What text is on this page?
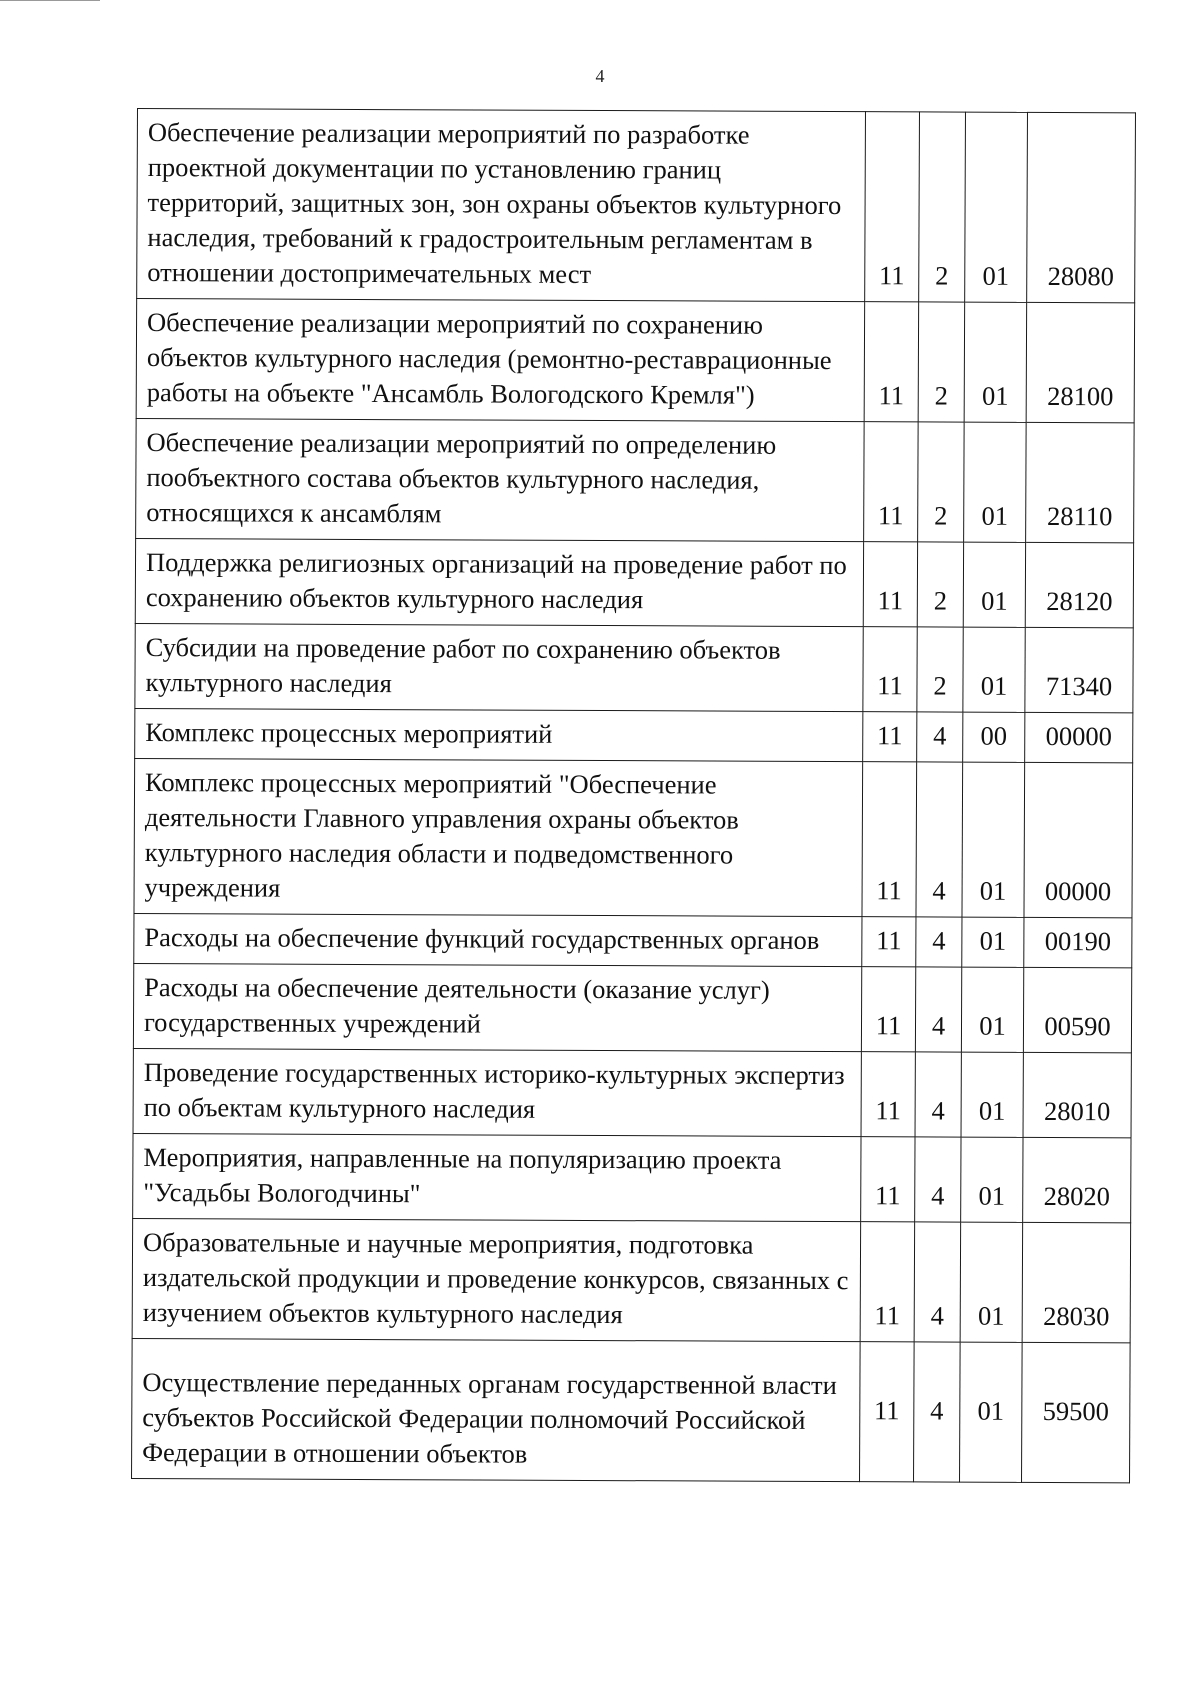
4
Обеспечение реализации мероприятий по разработке проектной документации по установлению границ территорий, защитных зон, зон охраны объектов культурного наследия, требований к градостроительным регламентам в отношении достопримечательных мест	11	2	01	28080
Обеспечение реализации мероприятий по сохранению объектов культурного наследия (ремонтно-реставрационные работы на объекте "Ансамбль Вологодского Кремля")	11	2	01	28100
Обеспечение реализации мероприятий по определению пообъектного состава объектов культурного наследия, относящихся к ансамблям	11	2	01	28110
Поддержка религиозных организаций на проведение работ по сохранению объектов культурного наследия	11	2	01	28120
Субсидии на проведение работ по сохранению объектов культурного наследия	11	2	01	71340
Комплекс процессных мероприятий	11	4	00	00000
Комплекс процессных мероприятий "Обеспечение деятельности Главного управления охраны объектов культурного наследия области и подведомственного учреждения	11	4	01	00000
Расходы на обеспечение функций государственных органов	11	4	01	00190
Расходы на обеспечение деятельности (оказание услуг) государственных учреждений	11	4	01	00590
Проведение государственных историко-культурных экспертиз по объектам культурного наследия	11	4	01	28010
Мероприятия, направленные на популяризацию проекта "Усадьбы Вологодчины"	11	4	01	28020
Образовательные и научные мероприятия, подготовка издательской продукции и проведение конкурсов, связанных с изучением объектов культурного наследия	11	4	01	28030
Осуществление переданных органам государственной власти субъектов Российской Федерации полномочий Российской Федерации в отношении объектов	11	4	01	59500
